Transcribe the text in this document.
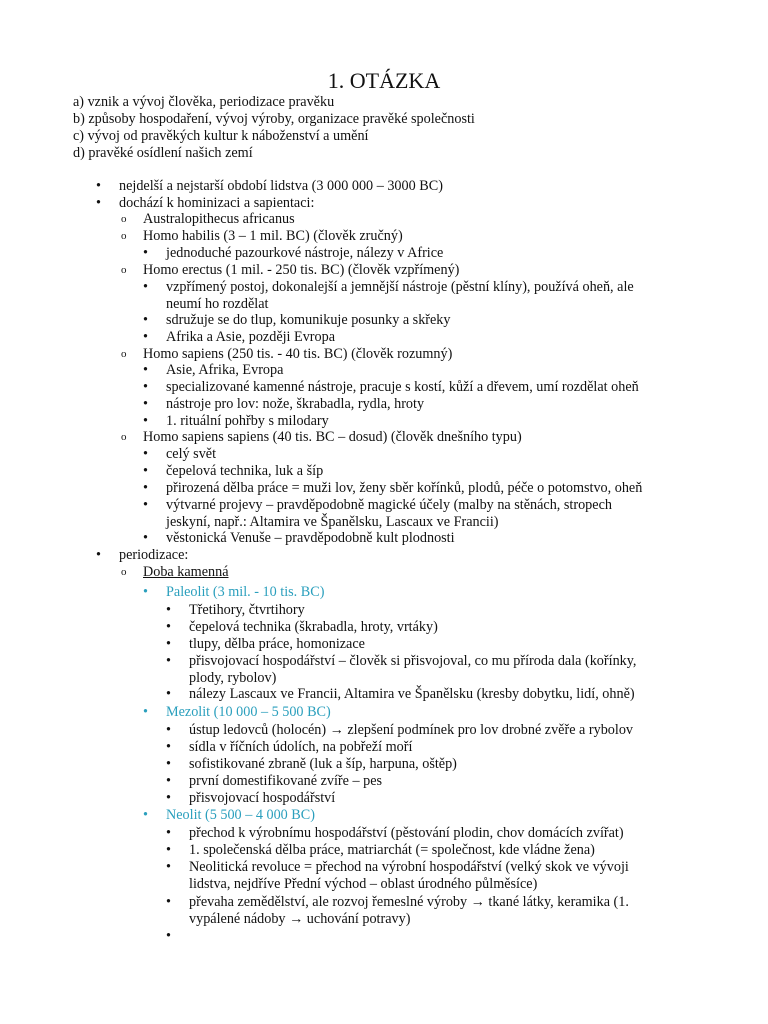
1. OTÁZKA

a) vznik a vývoj člověka, periodizace pravěku

b) způsoby hospodaření, vývoj výroby, organizace pravěké společnosti

c) vývoj od pravěkých kultur k náboženství a umění

d) pravěké osídlení našich zemí

• nejdelší a nejstarší období lidstva (3 000 000 – 3000 BC)
• dochází k hominizaci a sapientaci:
o Australopithecus africanus
o Homo habilis (3 – 1 mil. BC) (člověk zručný)
• jednoduché pazourkové nástroje, nálezy v Africe
o Homo erectus (1 mil. - 250 tis. BC) (člověk vzpřímený)
• vzpřímený postoj, dokonalejší a jemnější nástroje (pěstní klíny), používá oheň, ale
neumí ho rozdělat
• sdružuje se do tlup, komunikuje posunky a skřeky
• Afrika a Asie, později Evropa
o Homo sapiens (250 tis. - 40 tis. BC) (člověk rozumný)
• Asie, Afrika, Evropa
• specializované kamenné nástroje, pracuje s kostí, kůží a dřevem, umí rozdělat oheň
• nástroje pro lov: nože, škrabadla, rydla, hroty
• 1. rituální pohřby s milodary
o Homo sapiens sapiens (40 tis. BC – dosud) (člověk dnešního typu)
• celý svět
• čepelová technika, luk a šíp
• přirozená dělba práce = muži lov, ženy sběr kořínků, plodů, péče o potomstvo, oheň
• výtvarné projevy – pravděpodobně magické účely (malby na stěnách, stropech
jeskyní, např.: Altamira ve Španělsku, Lascaux ve Francii)
• věstonická Venuše – pravděpodobně kult plodnosti
• periodizace:
o Doba kamenná
• Paleolit (3 mil. - 10 tis. BC)
• Třetihory, čtvrtihory
• čepelová technika (škrabadla, hroty, vrtáky)
• tlupy, dělba práce, homonizace
• přisvojovací hospodářství – člověk si přisvojoval, co mu příroda dala (kořínky,
plody, rybolov)
• nálezy Lascaux ve Francii, Altamira ve Španělsku (kresby dobytku, lidí, ohně)
• Mezolit (10 000 – 5 500 BC)
• ústup ledovců (holocén) → zlepšení podmínek pro lov drobné zvěře a rybolov
• sídla v říčních údolích, na pobřeží moří
• sofistikované zbraně (luk a šíp, harpuna, oštěp)
• první domestifikované zvíře – pes
• přisvojovací hospodářství
• Neolit (5 500 – 4 000 BC)
• přechod k výrobnímu hospodářství (pěstování plodin, chov domácích zvířat)
• 1. společenská dělba práce, matriarchát (= společnost, kde vládne žena)
• Neolitická revoluce = přechod na výrobní hospodářství (velký skok ve vývoji
lidstva, nejdříve Přední východ – oblast úrodného půlměsíce)
• převaha zemědělství, ale rozvoj řemeslné výroby → tkané látky, keramika (1.
vypálené nádoby → uchování potravy)
•
